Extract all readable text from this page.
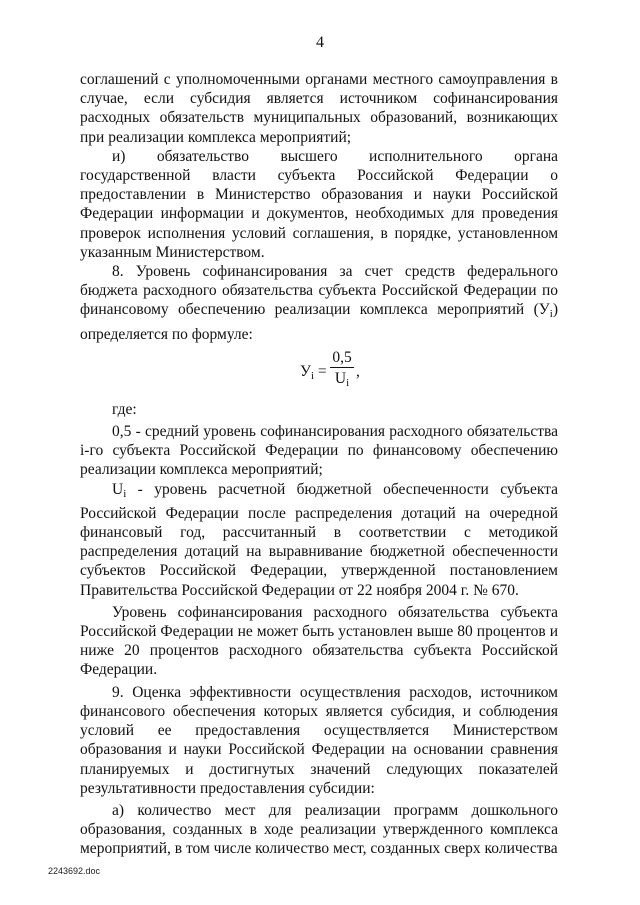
4

соглашений с уполномоченными органами местного самоуправления в случае, если субсидия является источником софинансирования расходных обязательств муниципальных образований, возникающих при реализации комплекса мероприятий;

и) обязательство высшего исполнительного органа государственной власти субъекта Российской Федерации о предоставлении в Министерство образования и науки Российской Федерации информации и документов, необходимых для проведения проверок исполнения условий соглашения, в порядке, установленном указанным Министерством.

8. Уровень софинансирования за счет средств федерального бюджета расходного обязательства субъекта Российской Федерации по финансовому обеспечению реализации комплекса мероприятий $(У_i)$ определяется по формуле:

$У_i$ =
0,5
$U_i$
,

где:

0,5 - средний уровень софинансирования расходного обязательства i-го субъекта Российской Федерации по финансовому обеспечению реализации комплекса мероприятий;

$U_i$ - уровень расчетной бюджетной обеспеченности субъекта Российской Федерации после распределения дотаций на очередной финансовый год, рассчитанный в соответствии с методикой распределения дотаций на выравнивание бюджетной обеспеченности субъектов Российской Федерации, утвержденной постановлением Правительства Российской Федерации от 22 ноября 2004 г. № 670.

Уровень софинансирования расходного обязательства субъекта Российской Федерации не может быть установлен выше 80 процентов и ниже 20 процентов расходного обязательства субъекта Российской Федерации.

9. Оценка эффективности осуществления расходов, источником финансового обеспечения которых является субсидия, и соблюдения условий ее предоставления осуществляется Министерством образования и науки Российской Федерации на основании сравнения планируемых и достигнутых значений следующих показателей результативности предоставления субсидии:

а) количество мест для реализации программ дошкольного образования, созданных в ходе реализации утвержденного комплекса мероприятий, в том числе количество мест, созданных сверх количества

2243692.doc
